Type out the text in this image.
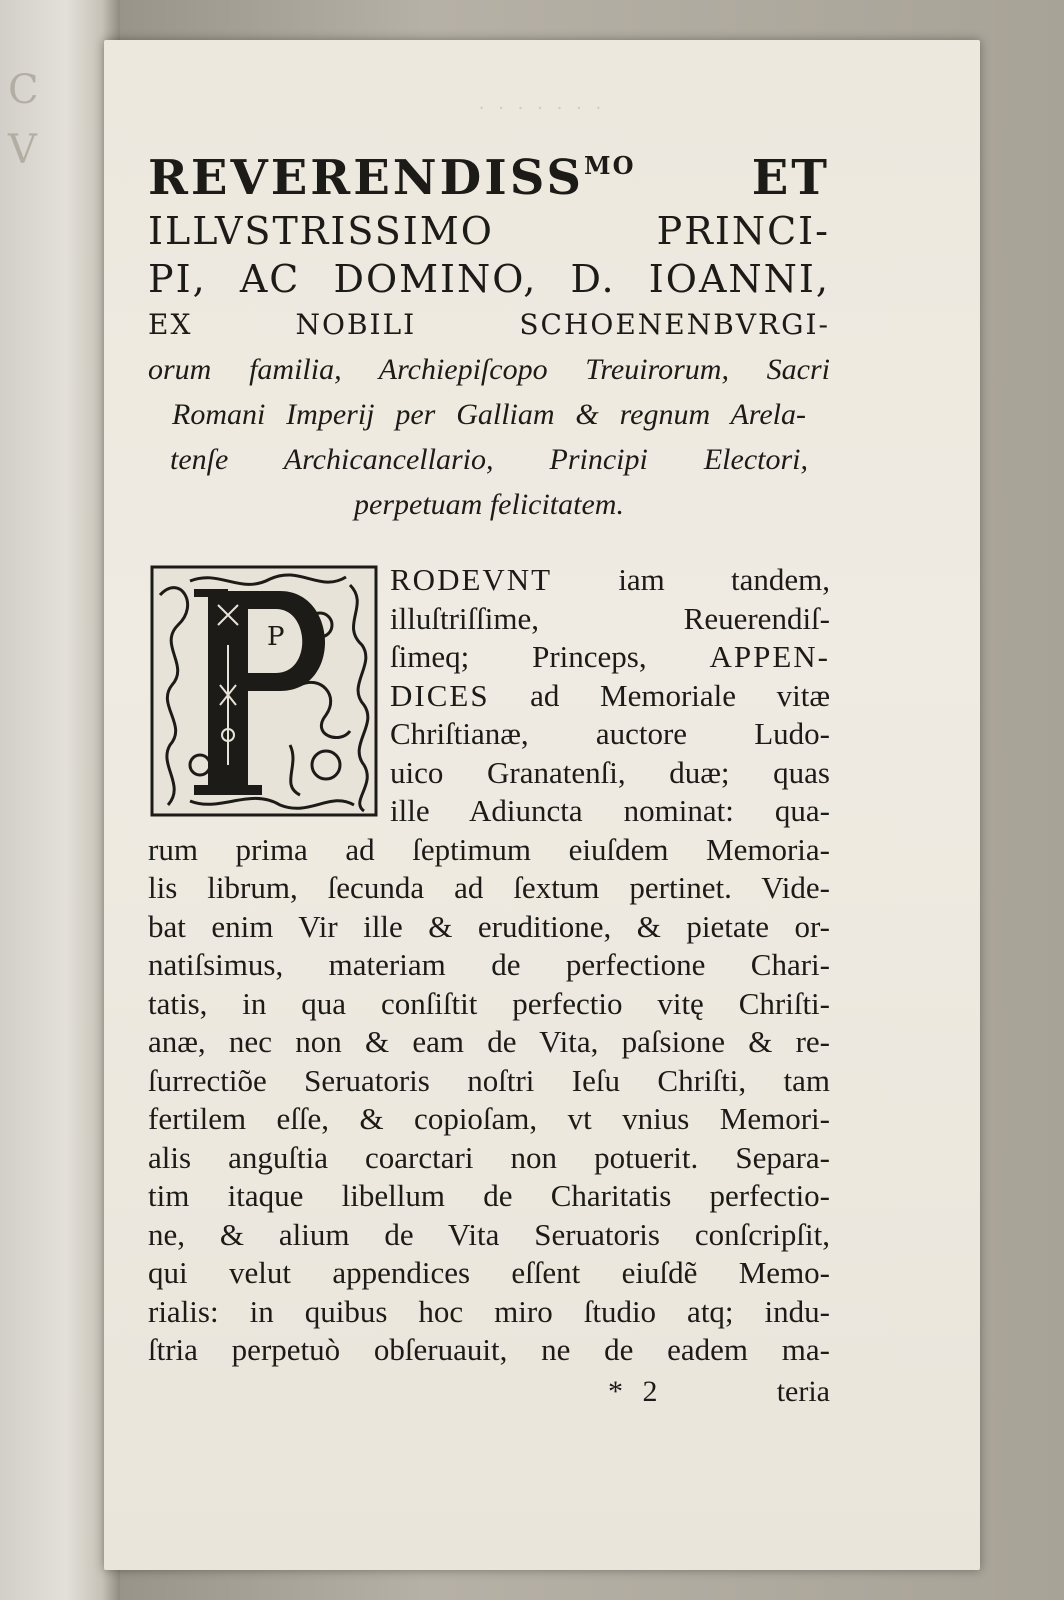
C
V
· · · · · · ·

$REVERENDISS^{MO}$ ET

ILLVSTRISSIMO PRINCI-

PI, AC DOMINO, D. IOANNI,

EX NOBILI SCHOENENBVRGI-

orum familia, Archiepiſcopo Treuirorum, Sacri

Romani Imperij per Galliam & regnum Arela-

tenſe Archicancellario, Principi Electori,

perpetuam felicitatem.

P

RODEVNT iam tandem,

illuſtriſſime, Reuerendiſ-

ſimeq; Princeps, APPEN-

DICES ad Memoriale vitæ

Chriſtianæ, auctore Ludo-

uico Granatenſi, duæ; quas

ille Adiuncta nominat: qua-

rum prima ad ſeptimum eiuſdem Memoria-

lis librum, ſecunda ad ſextum pertinet. Vide-

bat enim Vir ille & eruditione, & pietate or-

natiſsimus, materiam de perfectione Chari-

tatis, in qua conſiſtit perfectio vitę Chriſti-

anæ, nec non & eam de Vita, paſsione & re-

ſurrectiõe Seruatoris noſtri Ieſu Chriſti, tam

fertilem eſſe, & copioſam, vt vnius Memori-

alis anguſtia coarctari non potuerit. Separa-

tim itaque libellum de Charitatis perfectio-

ne, & alium de Vita Seruatoris conſcripſit,

qui velut appendices eſſent eiuſdẽ Memo-

rialis: in quibus hoc miro ſtudio atq; indu-

ſtria perpetuò obſeruauit, ne de eadem ma-

* 2	teria
